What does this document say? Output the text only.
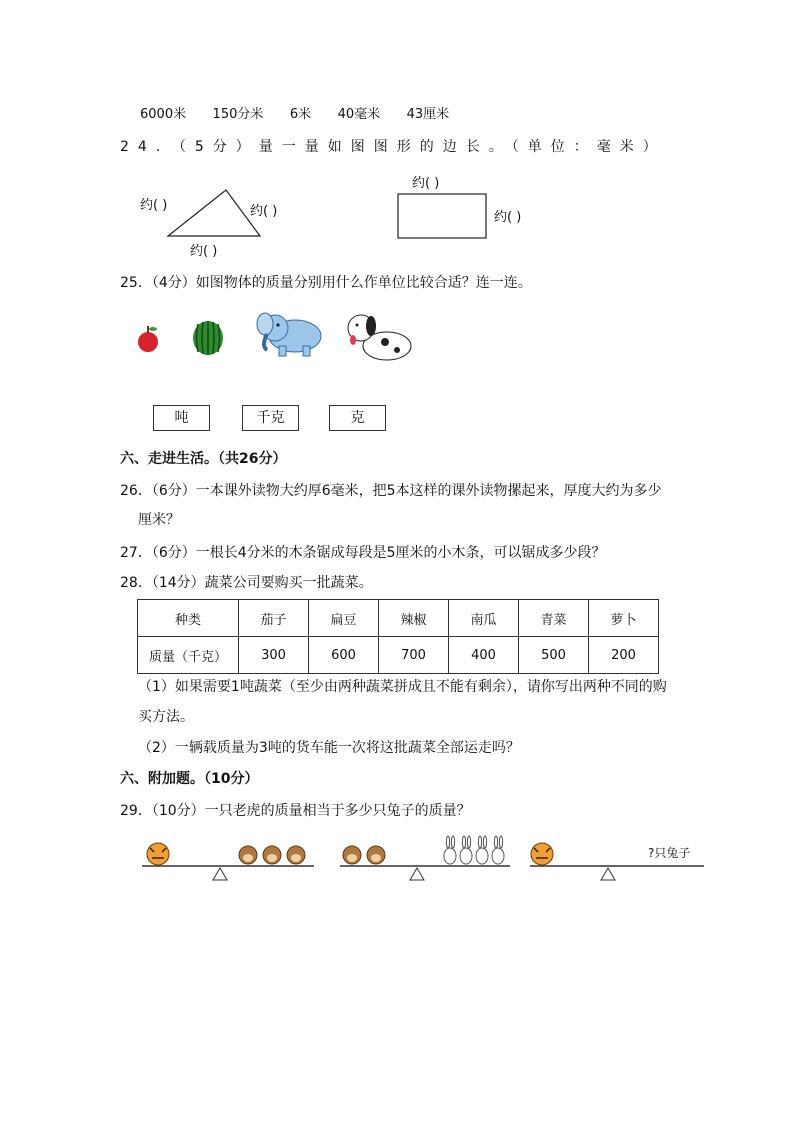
6000米 150分米 6米 40毫米 43厘米
24．（5分）量一量如图图形的边长。（单位：毫米）
约( )	约( )
约( )
约( )
约( )
25．（4分）如图物体的质量分别用什么作单位比较合适？连一连。
吨	千克	克
六、走进生活。（共26分）
26．（6分）一本课外读物大约厚6毫米，把5本这样的课外读物摞起来，厚度大约为多少
厘米？
27．（6分）一根长4分米的木条锯成每段是5厘米的小木条，可以锯成多少段？
28．（14分）蔬菜公司要购买一批蔬菜。
种类	茄子	扁豆	辣椒	南瓜	青菜	萝卜
质量（千克）	300	600	700	400	500	200
（1）如果需要1吨蔬菜（至少由两种蔬菜拼成且不能有剩余），请你写出两种不同的购
买方法。
（2）一辆载质量为3吨的货车能一次将这批蔬菜全部运走吗？
六、附加题。（10分）
29．（10分）一只老虎的质量相当于多少只兔子的质量？
?只兔子
